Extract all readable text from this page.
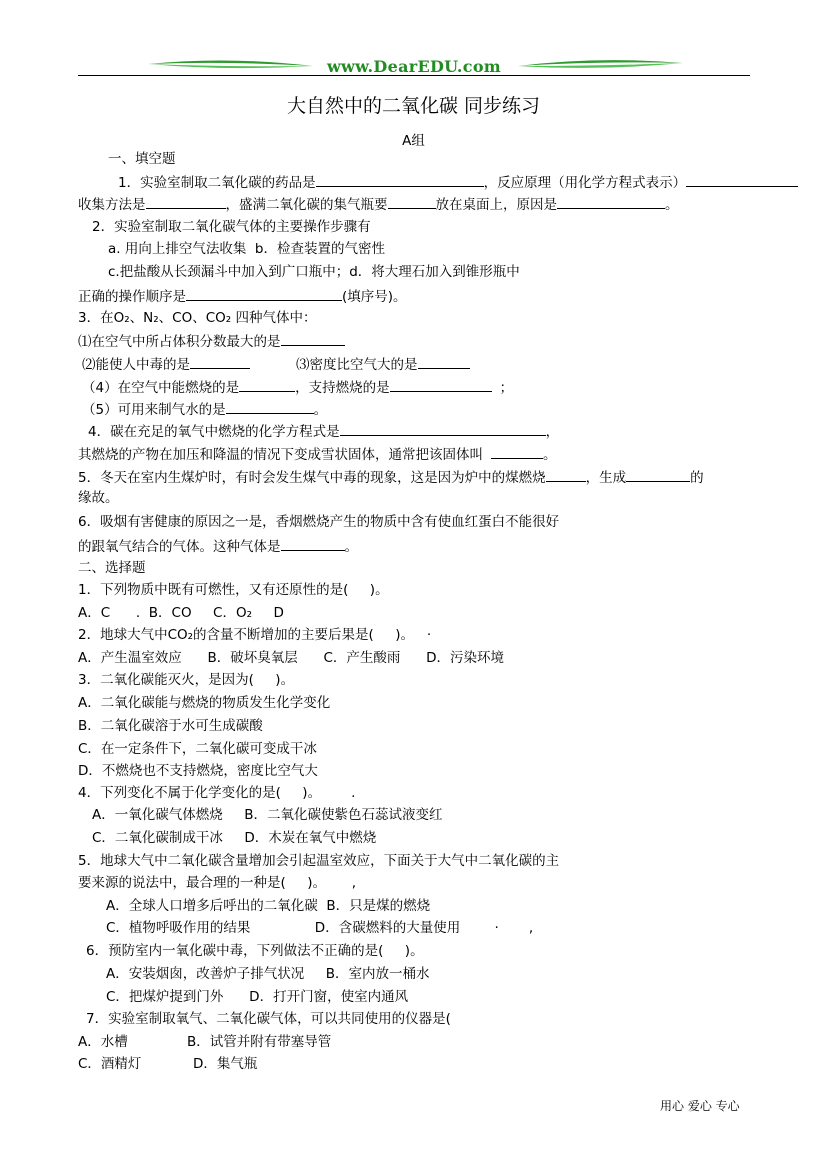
www.DearEDU.com
大自然中的二氧化碳 同步练习
A组
一、填空题
1．实验室制取二氧化碳的药品是	，反应原理（用化学方程式表示）
收集方法是	，盛满二氧化碳的集气瓶要	放在桌面上，原因是	。
2．实验室制取二氧化碳气体的主要操作步骤有
a. 用向上排空气法收集  b．检查装置的气密性
c.把盐酸从长颈漏斗中加入到广口瓶中；d．将大理石加入到锥形瓶中
正确的操作顺序是	(填序号)。
3．在O₂、N₂、CO、CO₂ 四种气体中：
⑴在空气中所占体积分数最大的是
⑵能使人中毒的是	⑶密度比空气大的是
（4）在空气中能燃烧的是	，支持燃烧的是	；
（5）可用来制气水的是	。
4．碳在充足的氧气中燃烧的化学方程式是	，
其燃烧的产物在加压和降温的情况下变成雪状固体，通常把该固体叫	。
5．冬天在室内生煤炉时，有时会发生煤气中毒的现象，这是因为炉中的煤燃烧	，生成	的
缘故。
6．吸烟有害健康的原因之一是，香烟燃烧产生的物质中含有使血红蛋白不能很好
的跟氧气结合的气体。这种气体是	。
二、选择题
1．下列物质中既有可燃性，又有还原性的是(     )。
A．C      .  B．CO     C．O₂     D
2．地球大气中CO₂的含量不断增加的主要后果是(     )。   ·
A．产生温室效应      B．破坏臭氧层      C．产生酸雨      D．污染环境
3．二氧化碳能灭火，是因为(     )。
A．二氧化碳能与燃烧的物质发生化学变化
B．二氧化碳溶于水可生成碳酸
C．在一定条件下，二氧化碳可变成干冰
D．不燃烧也不支持燃烧，密度比空气大
4．下列变化不属于化学变化的是(     )。       .
A．一氧化碳气体燃烧     B．二氧化碳使紫色石蕊试液变红
C．二氧化碳制成干冰     D．木炭在氧气中燃烧
5．地球大气中二氧化碳含量增加会引起温室效应，下面关于大气中二氧化碳的主
要来源的说法中，最合理的一种是(     )。      ,
A．全球人口增多后呼出的二氧化碳  B．只是煤的燃烧
C．植物呼吸作用的结果               D．含碳燃料的大量使用        ·       ,
6．预防室内一氧化碳中毒，下列做法不正确的是(     )。
A．安装烟囱，改善炉子排气状况     B．室内放一桶水
C．把煤炉提到门外      D．打开门窗，使室内通风
7．实验室制取氧气、二氧化碳气体，可以共同使用的仪器是(
A．水槽	B．试管并附有带塞导管
C．酒精灯	D．集气瓶
用心 爱心 专心
